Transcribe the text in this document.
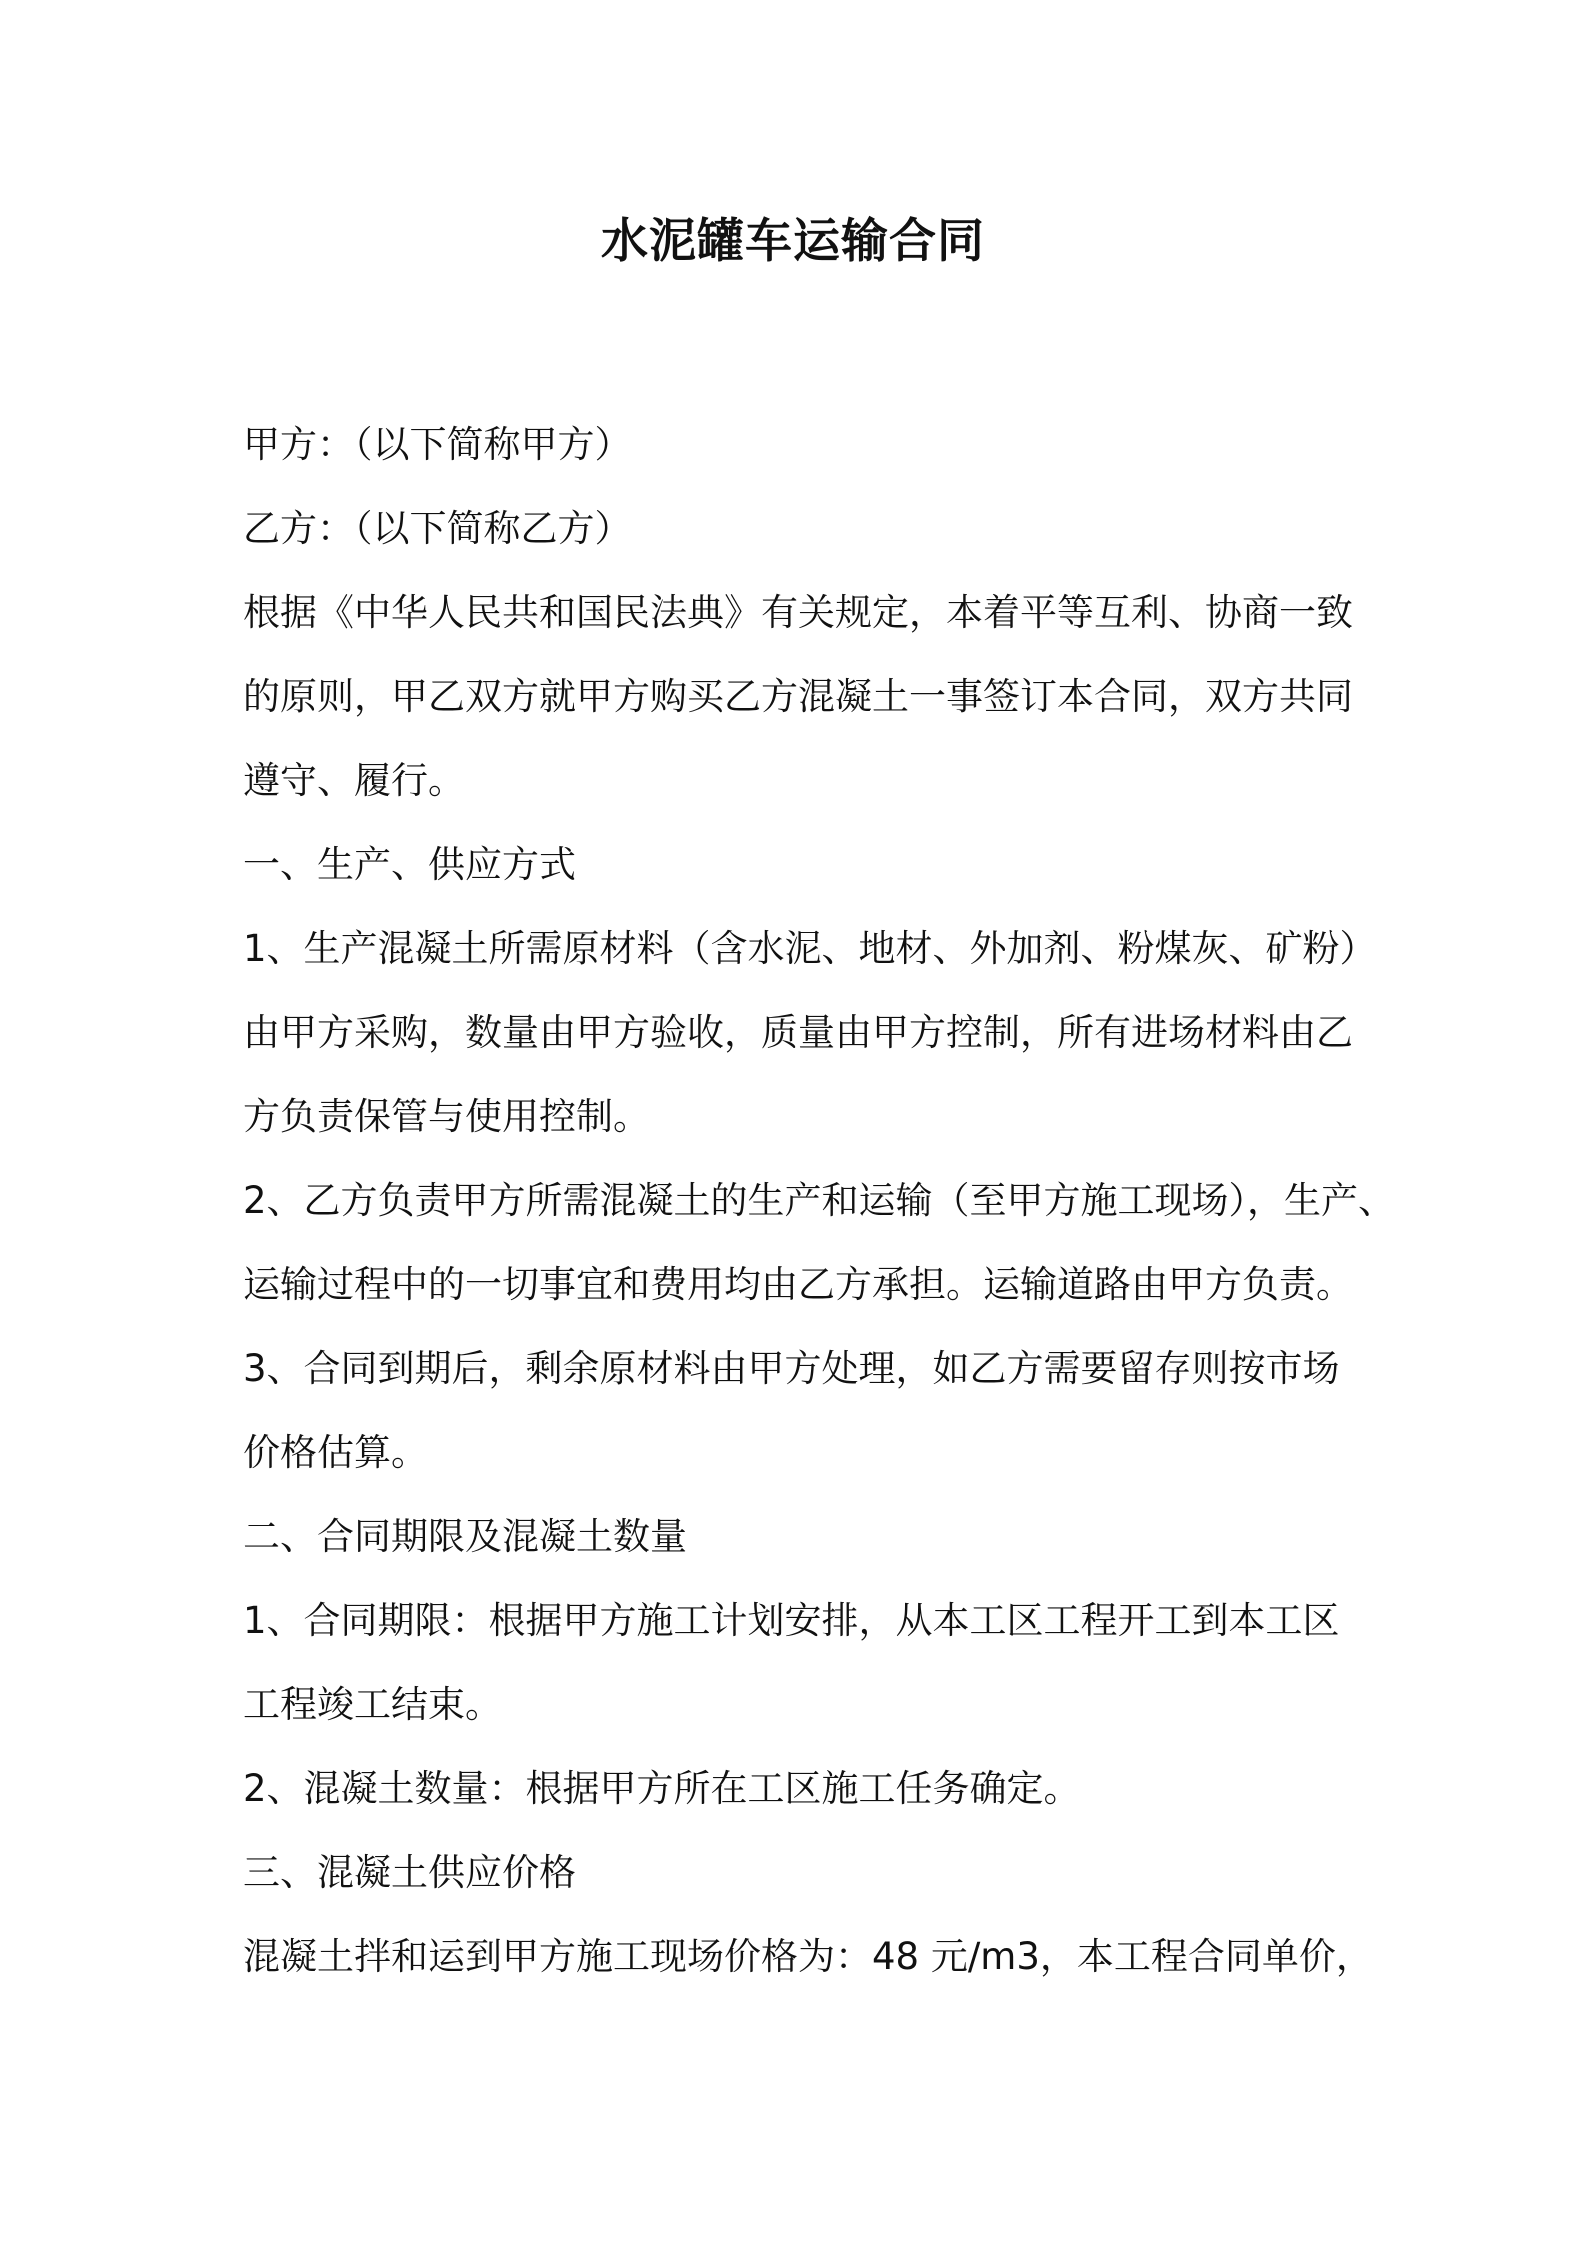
水泥罐车运输合同

甲方：（以下简称甲方）

乙方：（以下简称乙方）

根据《中华人民共和国民法典》有关规定，本着平等互利、协商一致

的原则，甲乙双方就甲方购买乙方混凝土一事签订本合同，双方共同

遵守、履行。

一、生产、供应方式

1、生产混凝土所需原材料（含水泥、地材、外加剂、粉煤灰、矿粉）

由甲方采购，数量由甲方验收，质量由甲方控制，所有进场材料由乙

方负责保管与使用控制。

2、乙方负责甲方所需混凝土的生产和运输（至甲方施工现场），生产、

运输过程中的一切事宜和费用均由乙方承担。运输道路由甲方负责。

3、合同到期后，剩余原材料由甲方处理，如乙方需要留存则按市场

价格估算。

二、合同期限及混凝土数量

1、合同期限：根据甲方施工计划安排，从本工区工程开工到本工区

工程竣工结束。

2、混凝土数量：根据甲方所在工区施工任务确定。

三、混凝土供应价格

混凝土拌和运到甲方施工现场价格为：48 元/m3，本工程合同单价，
